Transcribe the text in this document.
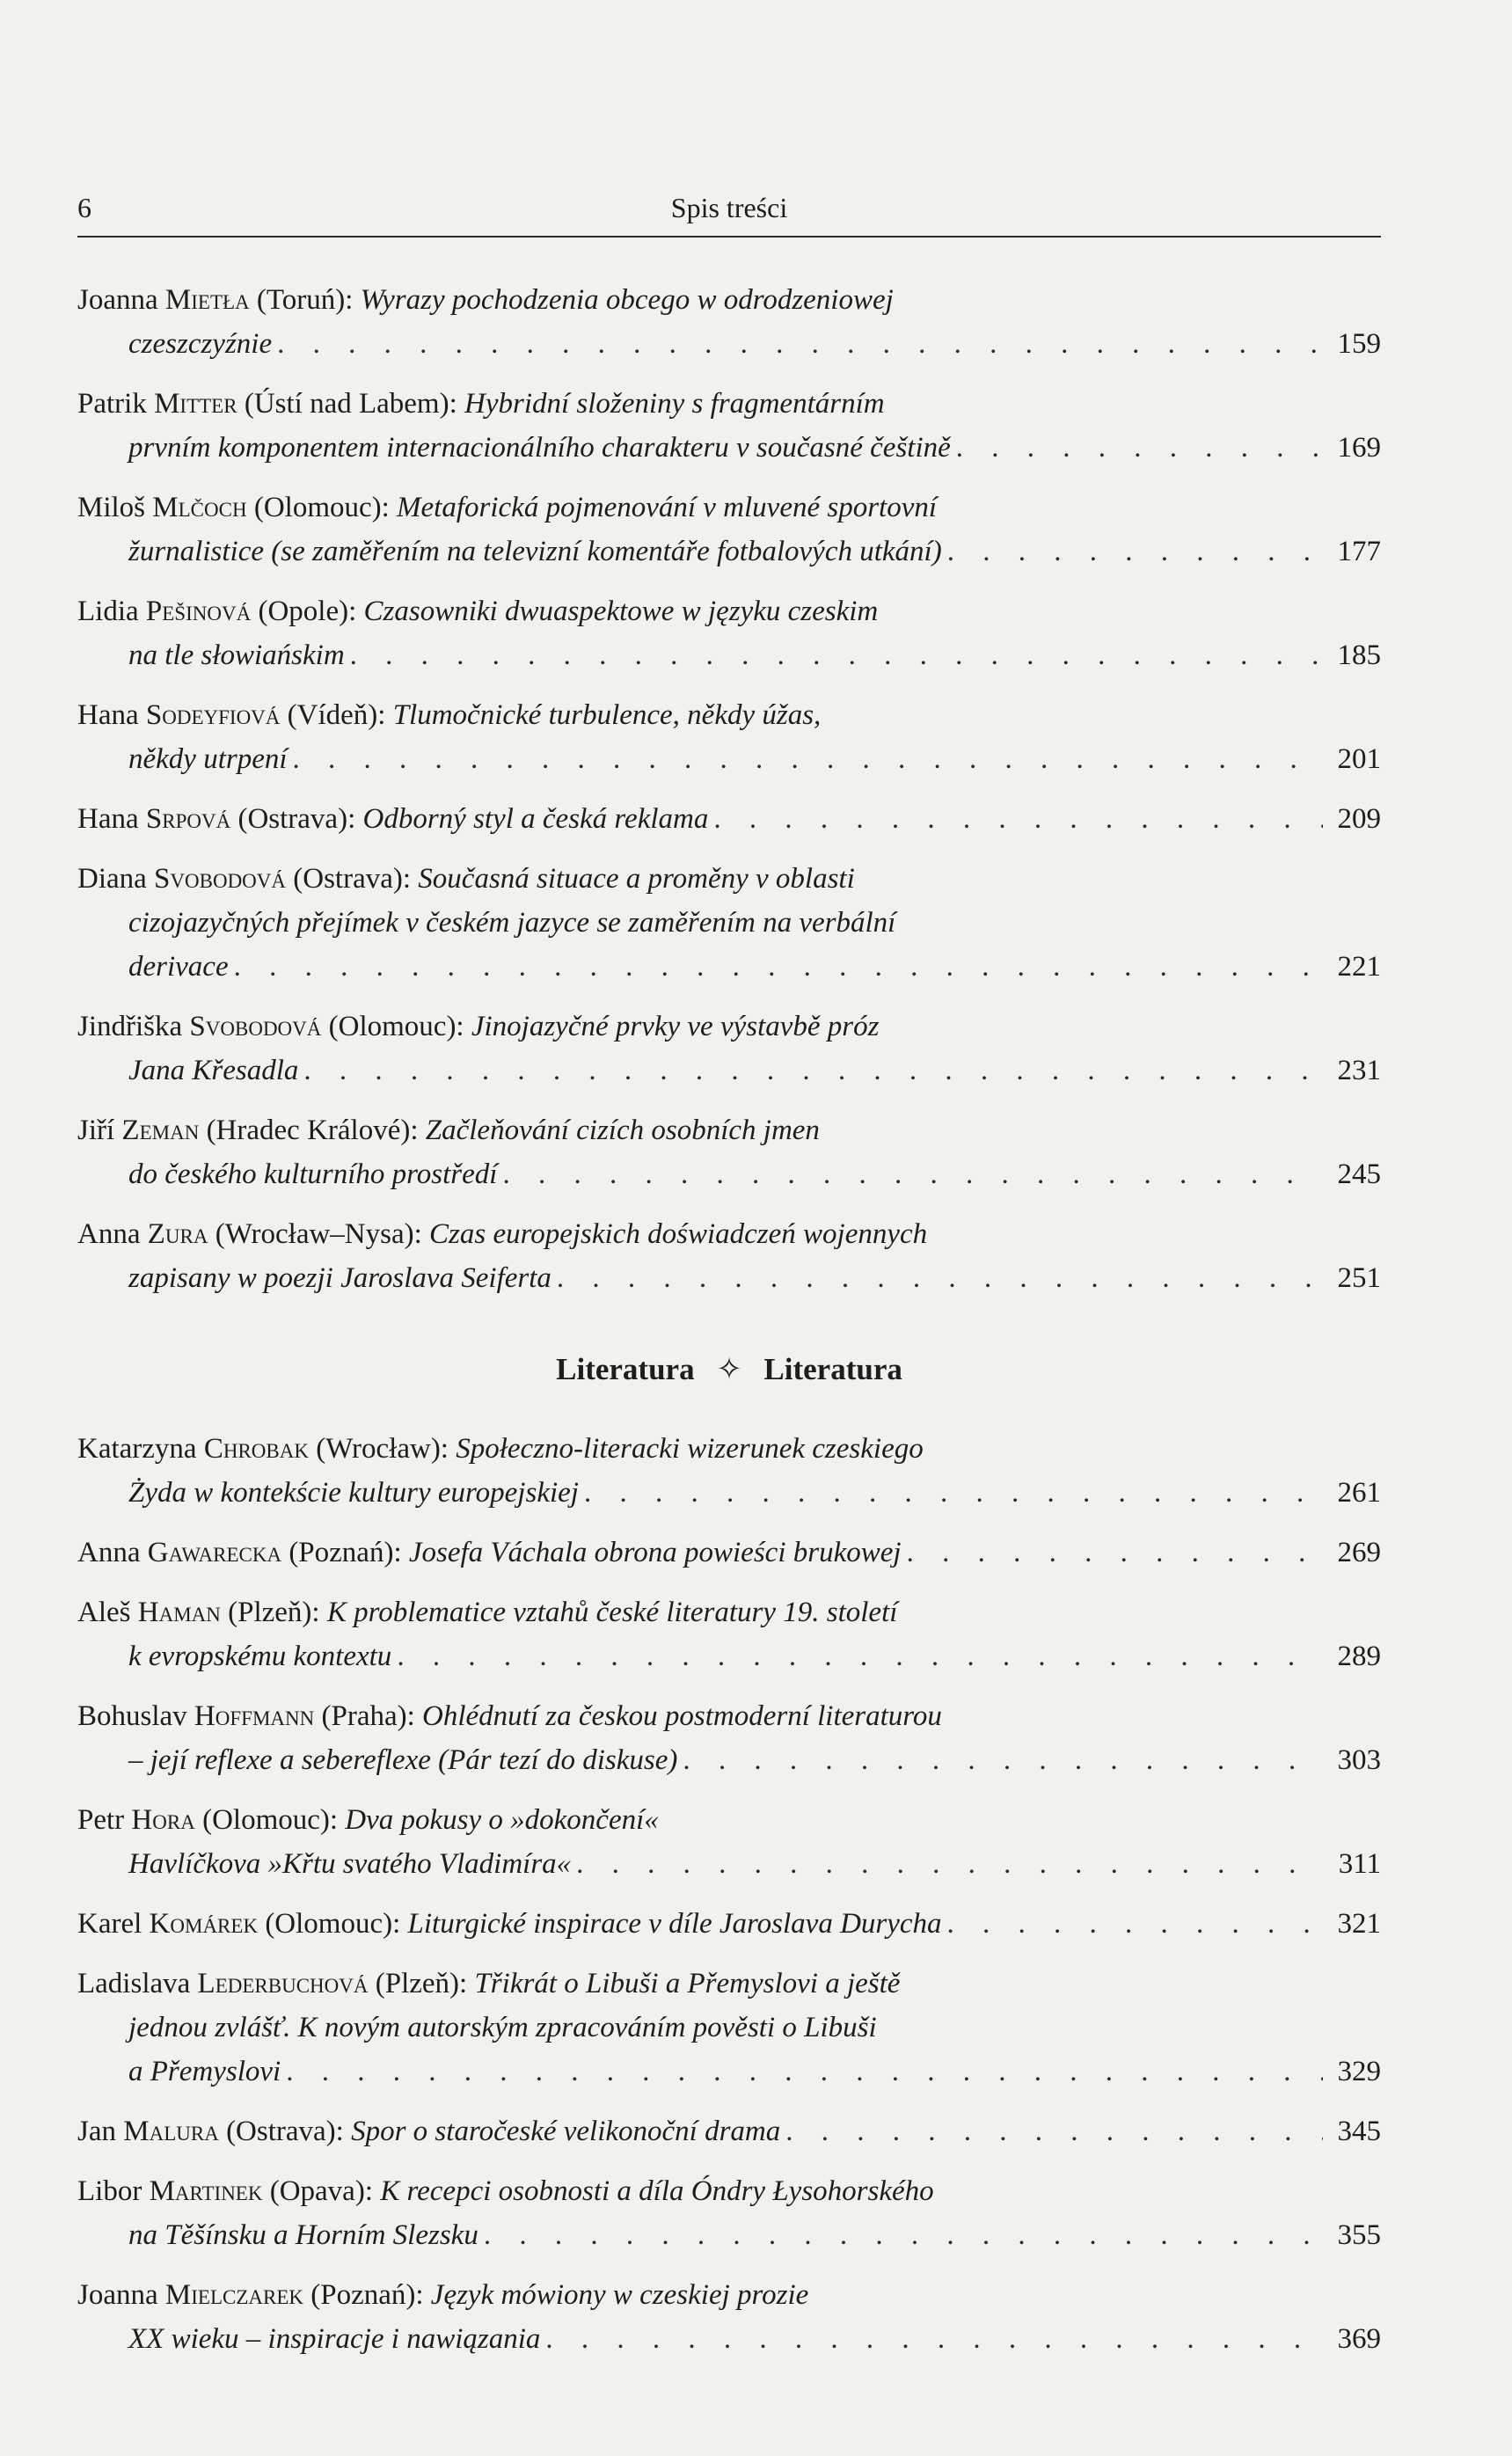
6	Spis treści
Joanna Mietła (Toruń): Wyrazy pochodzenia obcego w odrodzeniowej
czeszczyźnie . . .	159
Patrik Mitter (Ústí nad Labem): Hybridní složeniny s fragmentárním
prvním komponentem internacionálního charakteru v současné češtině . . .	169
Miloš Mlčoch (Olomouc): Metaforická pojmenování v mluvené sportovní
žurnalistice (se zaměřením na televizní komentáře fotbalových utkání) . . .	177
Lidia Pešinová (Opole): Czasowniki dwuaspektowe w języku czeskim
na tle słowiańskim . . .	185
Hana Sodeyfiová (Vídeň): Tlumočnické turbulence, někdy úžas,
někdy utrpení . . .	201
Hana Srpová (Ostrava): Odborný styl a česká reklama . . .	209
Diana Svobodová (Ostrava): Současná situace a proměny v oblasti
cizojazyčných přejímek v českém jazyce se zaměřením na verbální
derivace . . .	221
Jindřiška Svobodová (Olomouc): Jinojazyčné prvky ve výstavbě próz
Jana Křesadla . . .	231
Jiří Zeman (Hradec Králové): Začleňování cizích osobních jmen
do českého kulturního prostředí . . .	245
Anna Zura (Wrocław–Nysa): Czas europejskich doświadczeń wojennych
zapisany w poezji Jaroslava Seiferta . . .	251
Literatura ✧ Literatura
Katarzyna Chrobak (Wrocław): Społeczno-literacki wizerunek czeskiego
Żyda w kontekście kultury europejskiej . . .	261
Anna Gawarecka (Poznań): Josefa Váchala obrona powieści brukowej . . .	269
Aleš Haman (Plzeň): K problematice vztahů české literatury 19. století
k evropskému kontextu . . .	289
Bohuslav Hoffmann (Praha): Ohlédnutí za českou postmoderní literaturou
– její reflexe a sebereflexe (Pár tezí do diskuse) . . .	303
Petr Hora (Olomouc): Dva pokusy o »dokončení«
Havlíčkova »Křtu svatého Vladimíra« . . .	311
Karel Komárek (Olomouc): Liturgické inspirace v díle Jaroslava Durycha . . .	321
Ladislava Lederbuchová (Plzeň): Třikrát o Libuši a Přemyslovi a ještě
jednou zvlášť. K novým autorským zpracováním pověsti o Libuši
a Přemyslovi . . .	329
Jan Malura (Ostrava): Spor o staročeské velikonoční drama . . .	345
Libor Martinek (Opava): K recepci osobnosti a díla Óndry Łysohorského
na Těšínsku a Horním Slezsku . . .	355
Joanna Mielczarek (Poznań): Język mówiony w czeskiej prozie
XX wieku – inspiracje i nawiązania . . .	369
